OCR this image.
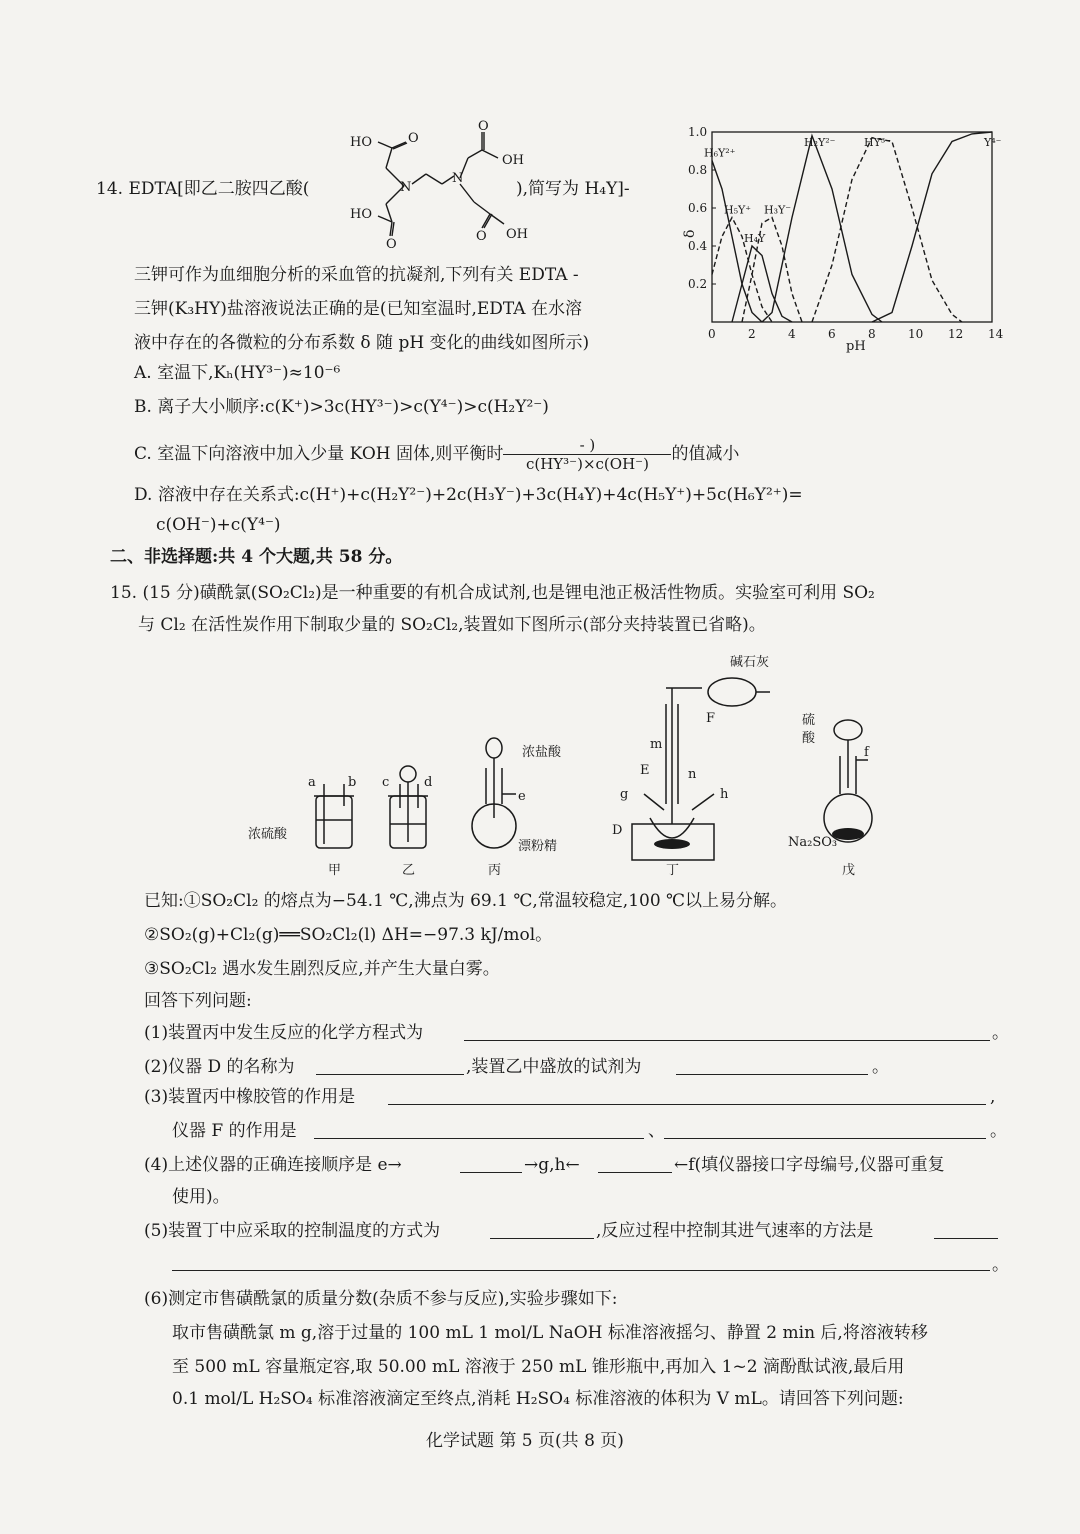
14. EDTA[即乙二胺四乙酸(
HO
HO
O
O
O
O
OH
OH
N
N
),简写为 H₄Y]-
三钾可作为血细胞分析的采血管的抗凝剂,下列有关 EDTA -
三钾(K₃HY)盐溶液说法正确的是(已知室温时,EDTA 在水溶
液中存在的各微粒的分布系数 δ 随 pH 变化的曲线如图所示)
A. 室温下,Kₕ(HY³⁻)≈10⁻⁶
B. 离子大小顺序:c(K⁺)>3c(HY³⁻)>c(Y⁴⁻)>c(H₂Y²⁻)
C. 室温下向溶液中加入少量 KOH 固体,则平衡时 $\frac{- )}{\text{c(HY³⁻)×c(OH⁻)}}$ 的值减小
D. 溶液中存在关系式:c(H⁺)+c(H₂Y²⁻)+2c(H₃Y⁻)+3c(H₄Y)+4c(H₅Y⁺)+5c(H₆Y²⁺)=
c(OH⁻)+c(Y⁴⁻)
0	2	4	6	8	10 12 14
0.2
0.4
0.6
0.8
1.0
H₆Y²⁺
H₅Y⁺
H₄Y
H₃Y⁻
H₂Y²⁻	HY³⁻	Y⁴⁻
pH
δ
二、非选择题:共 4 个大题,共 58 分。
15. (15 分)磺酰氯(SO₂Cl₂)是一种重要的有机合成试剂,也是锂电池正极活性物质。实验室可利用 SO₂
与 Cl₂ 在活性炭作用下制取少量的 SO₂Cl₂,装置如下图所示(部分夹持装置已省略)。
a b c	d
e
f
g	h
m
n
E
F
D
浓硫酸
浓盐酸
漂粉精
碱石灰
硫
酸
Na₂SO₃
甲	乙	丙	丁	戊
已知:①SO₂Cl₂ 的熔点为−54.1 ℃,沸点为 69.1 ℃,常温较稳定,100 ℃以上易分解。
②SO₂(g)+Cl₂(g)══SO₂Cl₂(l) ΔH=−97.3 kJ/mol。
③SO₂Cl₂ 遇水发生剧烈反应,并产生大量白雾。
回答下列问题:
(1)装置丙中发生反应的化学方程式为	。
(2)仪器 D 的名称为	,装置乙中盛放的试剂为	。
(3)装置丙中橡胶管的作用是	,
仪器 F 的作用是	、	。
(4)上述仪器的正确连接顺序是 e→	→g,h←	←f(填仪器接口字母编号,仪器可重复
使用)。
(5)装置丁中应采取的控制温度的方式为	,反应过程中控制其进气速率的方法是
。
(6)测定市售磺酰氯的质量分数(杂质不参与反应),实验步骤如下:
取市售磺酰氯 m g,溶于过量的 100 mL 1 mol/L NaOH 标准溶液摇匀、静置 2 min 后,将溶液转移
至 500 mL 容量瓶定容,取 50.00 mL 溶液于 250 mL 锥形瓶中,再加入 1~2 滴酚酞试液,最后用
0.1 mol/L H₂SO₄ 标准溶液滴定至终点,消耗 H₂SO₄ 标准溶液的体积为 V mL。请回答下列问题:
化学试题 第 5 页(共 8 页)
